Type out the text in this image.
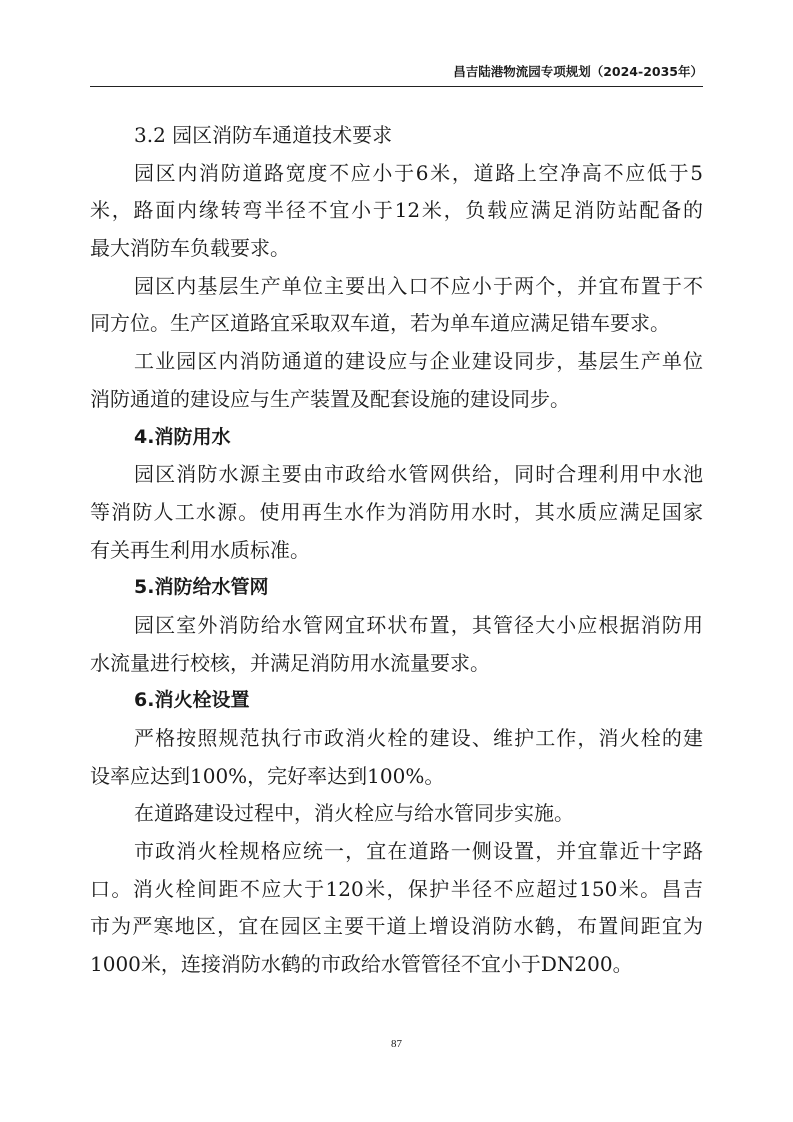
昌吉陆港物流园专项规划（2024-2035年）
3.2 园区消防车通道技术要求
园区内消防道路宽度不应小于6米，道路上空净高不应低于5
米，路面内缘转弯半径不宜小于12米，负载应满足消防站配备的
最大消防车负载要求。
园区内基层生产单位主要出入口不应小于两个，并宜布置于不
同方位。生产区道路宜采取双车道，若为单车道应满足错车要求。
工业园区内消防通道的建设应与企业建设同步，基层生产单位
消防通道的建设应与生产装置及配套设施的建设同步。
4.消防用水
园区消防水源主要由市政给水管网供给，同时合理利用中水池
等消防人工水源。使用再生水作为消防用水时，其水质应满足国家
有关再生利用水质标准。
5.消防给水管网
园区室外消防给水管网宜环状布置，其管径大小应根据消防用
水流量进行校核，并满足消防用水流量要求。
6.消火栓设置
严格按照规范执行市政消火栓的建设、维护工作，消火栓的建
设率应达到100%，完好率达到100%。
在道路建设过程中，消火栓应与给水管同步实施。
市政消火栓规格应统一，宜在道路一侧设置，并宜靠近十字路
口。消火栓间距不应大于120米，保护半径不应超过150米。昌吉
市为严寒地区，宜在园区主要干道上增设消防水鹤，布置间距宜为
1000米，连接消防水鹤的市政给水管管径不宜小于DN200。
87
